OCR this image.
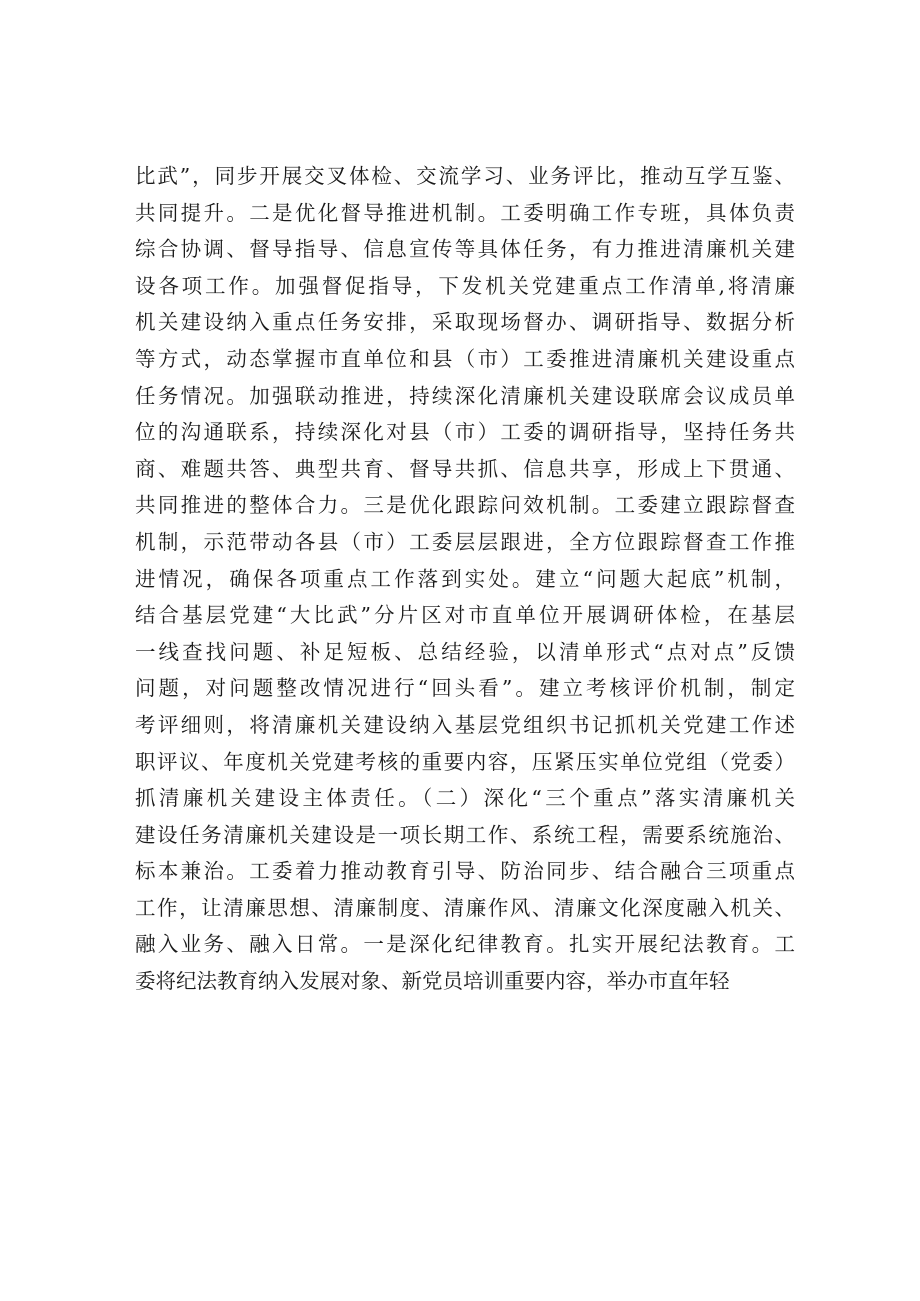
比武”，同步开展交叉体检、交流学习、业务评比，推动互学互鉴、
共同提升。二是优化督导推进机制。工委明确工作专班，具体负责
综合协调、督导指导、信息宣传等具体任务，有力推进清廉机关建
设各项工作。加强督促指导，下发机关党建重点工作清单,将清廉
机关建设纳入重点任务安排，采取现场督办、调研指导、数据分析
等方式，动态掌握市直单位和县（市）工委推进清廉机关建设重点
任务情况。加强联动推进，持续深化清廉机关建设联席会议成员单
位的沟通联系，持续深化对县（市）工委的调研指导，坚持任务共
商、难题共答、典型共育、督导共抓、信息共享，形成上下贯通、
共同推进的整体合力。三是优化跟踪问效机制。工委建立跟踪督查
机制，示范带动各县（市）工委层层跟进，全方位跟踪督查工作推
进情况，确保各项重点工作落到实处。建立“问题大起底”机制，
结合基层党建“大比武”分片区对市直单位开展调研体检，在基层
一线查找问题、补足短板、总结经验，以清单形式“点对点”反馈
问题，对问题整改情况进行“回头看”。建立考核评价机制，制定
考评细则，将清廉机关建设纳入基层党组织书记抓机关党建工作述
职评议、年度机关党建考核的重要内容，压紧压实单位党组（党委）
抓清廉机关建设主体责任。（二）深化“三个重点”落实清廉机关
建设任务清廉机关建设是一项长期工作、系统工程，需要系统施治、
标本兼治。工委着力推动教育引导、防治同步、结合融合三项重点
工作，让清廉思想、清廉制度、清廉作风、清廉文化深度融入机关、
融入业务、融入日常。一是深化纪律教育。扎实开展纪法教育。工
委将纪法教育纳入发展对象、新党员培训重要内容，举办市直年轻
